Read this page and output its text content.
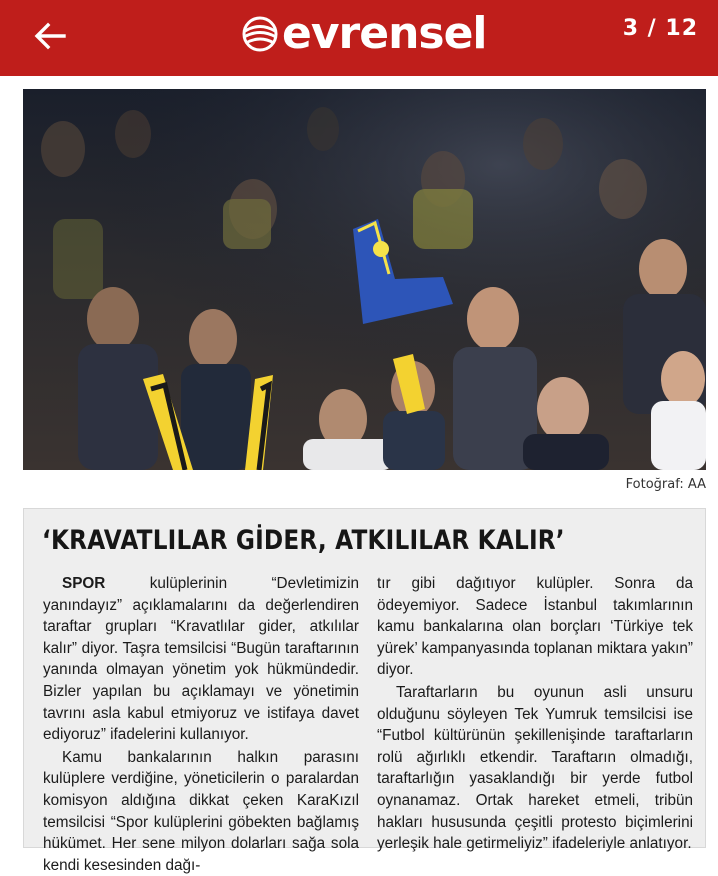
evrensel	3 / 12
Fotoğraf: AA
‘KRAVATLILAR GİDER, ATKILILAR KALIR’

SPOR kulüplerinin “Devletimizin yanındayız” açıklamalarını da değerlendiren taraftar grupları “Kravatlılar gider, atkılılar kalır” diyor. Taşra temsilcisi “Bugün taraftarının yanında olmayan yönetim yok hükmündedir. Bizler yapılan bu açıklamayı ve yönetimin tavrını asla kabul etmiyoruz ve istifaya davet ediyoruz” ifadelerini kullanıyor.

Kamu bankalarının halkın parasını kulüplere verdiğine, yöneticilerin o paralardan komisyon aldığına dikkat çeken KaraKızıl temsilcisi “Spor kulüplerini göbekten bağlamış hükümet. Her sene milyon dolarları sağa sola kendi kesesinden dağı-

tır gibi dağıtıyor kulüpler. Sonra da ödeyemiyor. Sadece İstanbul takımlarının kamu bankalarına olan borçları ‘Türkiye tek yürek’ kampanyasında toplanan miktara yakın” diyor.

Taraftarların bu oyunun asli unsuru olduğunu söyleyen Tek Yumruk temsilcisi ise “Futbol kültürünün şekillenişinde taraftarların rolü ağırlıklı etkendir. Taraftarın olmadığı, taraftarlığın yasaklandığı bir yerde futbol oynanamaz. Ortak hareket etmeli, tribün hakları hususunda çeşitli protesto biçimlerini yerleşik hale getirmeliyiz” ifadeleriyle anlatıyor.
